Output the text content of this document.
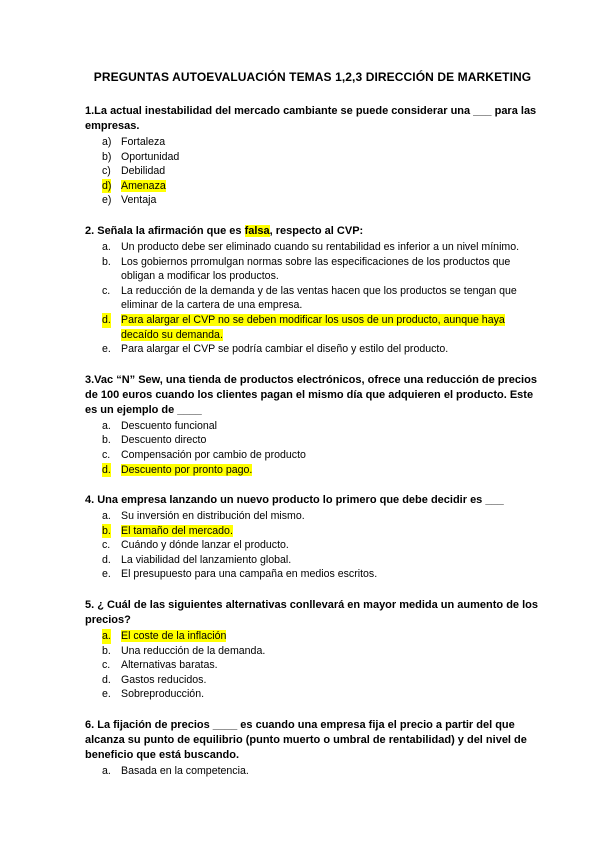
PREGUNTAS AUTOEVALUACIÓN TEMAS 1,2,3 DIRECCIÓN DE MARKETING
1.La actual inestabilidad del mercado cambiante se puede considerar una ___ para las empresas.
a) Fortaleza
b) Oportunidad
c) Debilidad
d) Amenaza
e) Ventaja
2. Señala la afirmación que es falsa, respecto al CVP:
a. Un producto debe ser eliminado cuando su rentabilidad es inferior a un nivel mínimo.
b. Los gobiernos prromulgan normas sobre las especificaciones de los productos que obligan a modificar los productos.
c. La reducción de la demanda y de las ventas hacen que los productos se tengan que eliminar de la cartera de una empresa.
d. Para alargar el CVP no se deben modificar los usos de un producto, aunque haya decaído su demanda.
e. Para alargar el CVP se podría cambiar el diseño y estilo del producto.
3.Vac “N” Sew, una tienda de productos electrónicos, ofrece una reducción de precios de 100 euros cuando los clientes pagan el mismo día que adquieren el producto. Este es un ejemplo de ____
a. Descuento funcional
b. Descuento directo
c. Compensación por cambio de producto
d. Descuento por pronto pago.
4. Una empresa lanzando un nuevo producto lo primero que debe decidir es ___
a. Su inversión en distribución del mismo.
b. El tamaño del mercado.
c. Cuándo y dónde lanzar el producto.
d. La viabilidad del lanzamiento global.
e. El presupuesto para una campaña en medios escritos.
5. ¿ Cuál de las siguientes alternativas conllevará en mayor medida un aumento de los precios?
a. El coste de la inflación
b. Una reducción de la demanda.
c. Alternativas baratas.
d. Gastos reducidos.
e. Sobreproducción.
6. La fijación de precios ____ es cuando una empresa fija el precio a partir del que alcanza su punto de equilibrio (punto muerto o umbral de rentabilidad) y del nivel de beneficio que está buscando.
a. Basada en la competencia.
